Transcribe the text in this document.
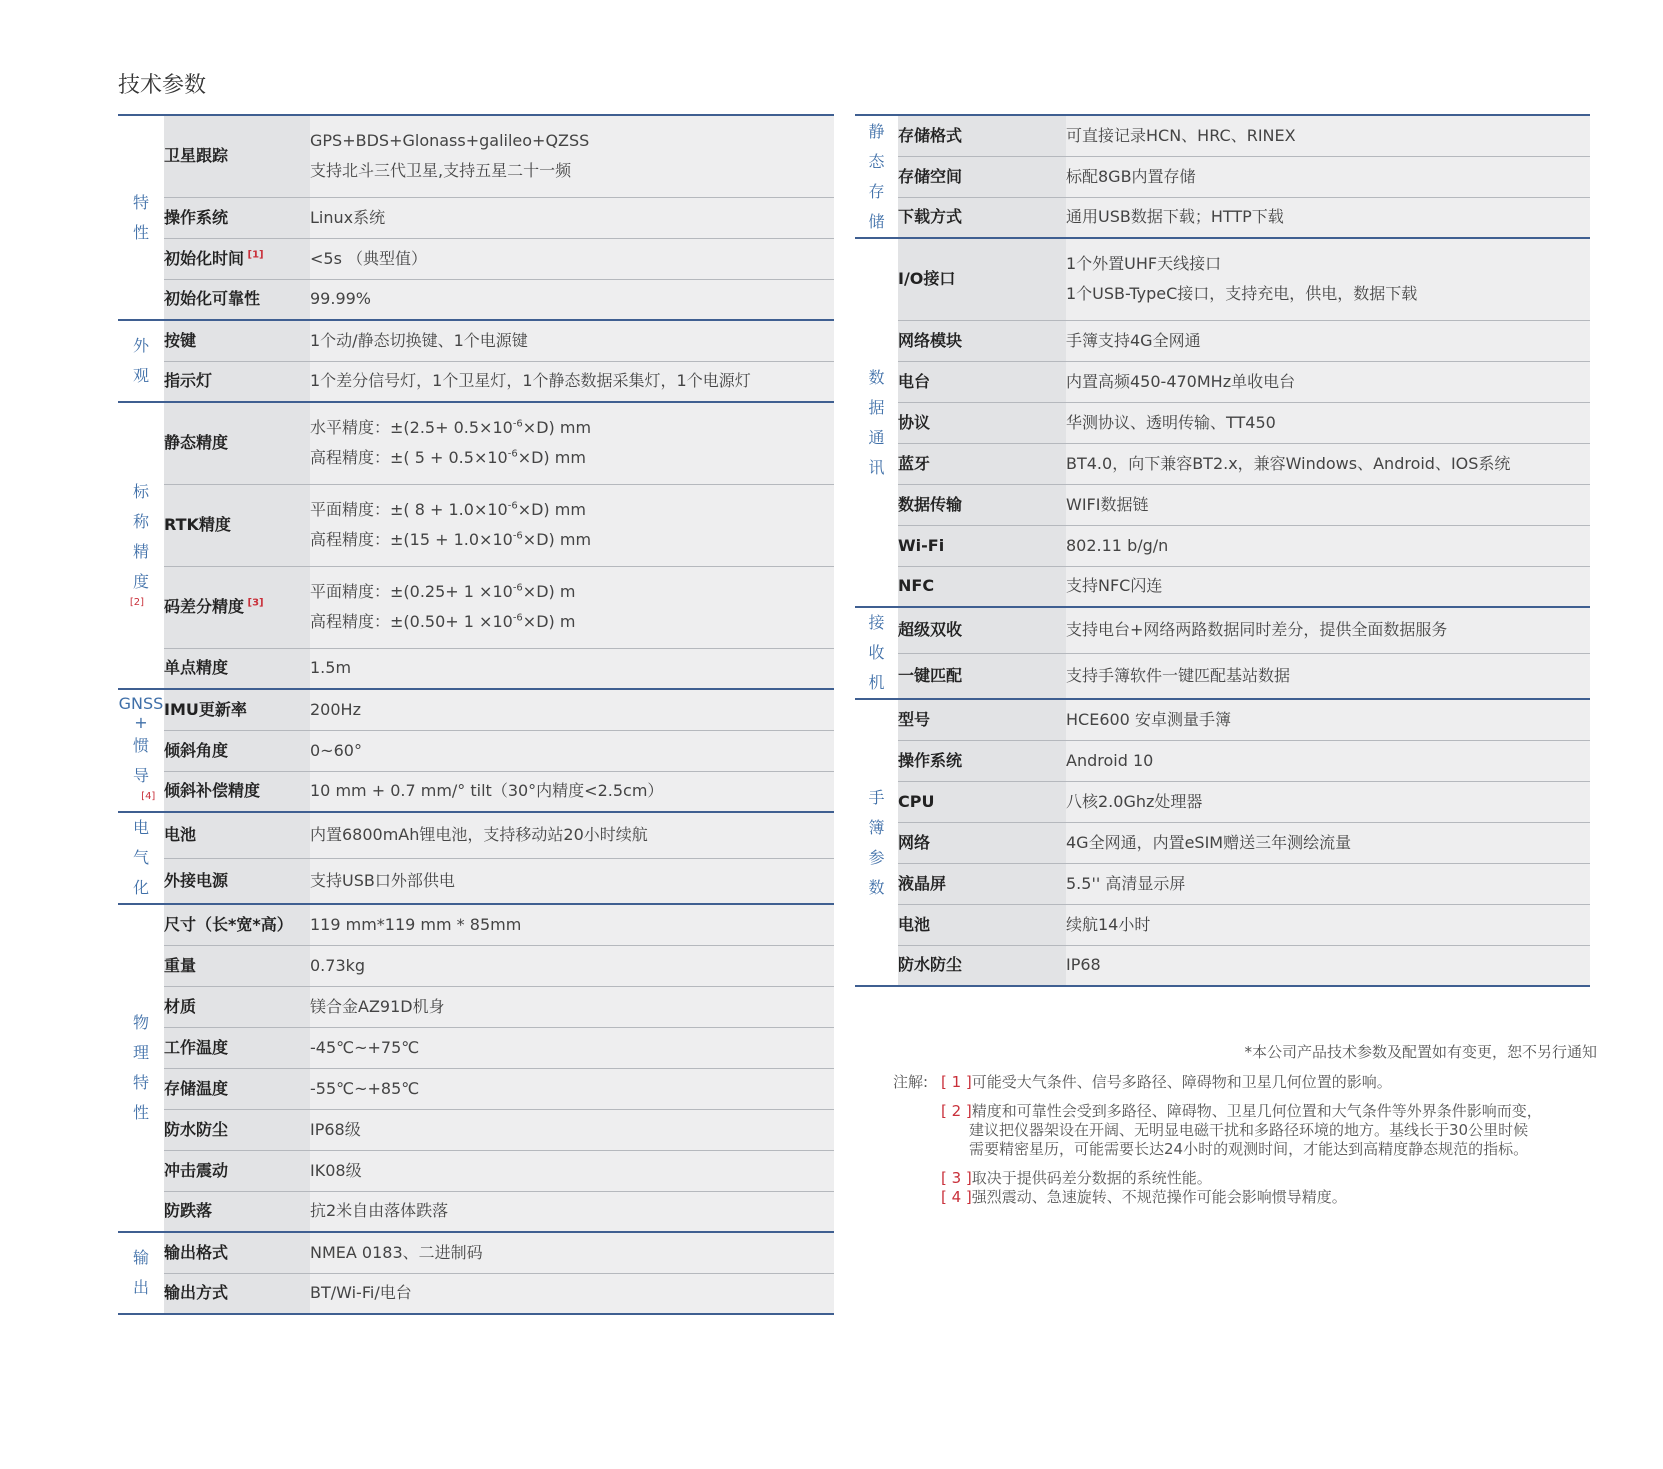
技术参数
特
性	卫星跟踪	GPS+BDS+Glonass+galileo+QZSS
支持北斗三代卫星,支持五星二十一频

	操作系统	Linux系统

	初始化时间 [1]	<5s （典型值）

	初始化可靠性	99.99%

外
观	按键	1个动/静态切换键、1个电源键

	指示灯	1个差分信号灯，1个卫星灯，1个静态数据采集灯，1个电源灯

标
称
精
度
[2]	静态精度	水平精度：$\pm(2.5+ 0.5\times 10^{-6}\times D)$ mm
高程精度：±( $5 + 0.5\times 10^{-6}\times D$) mm

	RTK精度	平面精度：±( $8 + 1.0\times 10^{-6}\times D$) mm
高程精度：$\pm(15 + 1.0\times 10^{-6}\times D)$ mm

	码差分精度 [3]	平面精度：$\pm(0.25+ 1 \times 10^{-6}\times D)$ m
高程精度：$\pm(0.50+ 1 \times 10^{-6}\times D)$ m

	单点精度	1.5m

GNSS
+
惯
导
[4]	IMU更新率	200Hz

	倾斜角度	0~60°

	倾斜补偿精度	10 mm + 0.7 mm/° tilt（30°内精度<2.5cm）

电
气
化	电池	内置6800mAh锂电池，支持移动站20小时续航

	外接电源	支持USB口外部供电

物
理
特
性	尺寸（长*宽*高）	119 mm*119 mm * 85mm

	重量	0.73kg

	材质	镁合金AZ91D机身

	工作温度	-45℃~+75℃

	存储温度	-55℃~+85℃

	防水防尘	IP68级

	冲击震动	IK08级

	防跌落	抗2米自由落体跌落

输
出	输出格式	NMEA 0183、二进制码

	输出方式	BT/Wi-Fi/电台
静
态
存
储	存储格式	可直接记录HCN、HRC、RINEX

	存储空间	标配8GB内置存储

	下载方式	通用USB数据下载；HTTP下载

数
据
通
讯	I/O接口	1个外置UHF天线接口
1个USB-TypeC接口，支持充电，供电，数据下载

	网络模块	手簿支持4G全网通

	电台	内置高频450-470MHz单收电台

	协议	华测协议、透明传输、TT450

	蓝牙	BT4.0，向下兼容BT2.x，兼容Windows、Android、IOS系统

	数据传输	WIFI数据链

	Wi-Fi	802.11 b/g/n

	NFC	支持NFC闪连

接
收
机	超级双收	支持电台+网络两路数据同时差分，提供全面数据服务

	一键匹配	支持手簿软件一键匹配基站数据

手
簿
参
数	型号	HCE600 安卓测量手簿

	操作系统	Android 10

	CPU	八核2.0Ghz处理器

	网络	4G全网通，内置eSIM赠送三年测绘流量

	液晶屏	5.5'' 高清显示屏

	电池	续航14小时

	防水防尘	IP68
*本公司产品技术参数及配置如有变更，恕不另行通知
注解: [ 1 ]可能受大气条件、信号多路径、障碍物和卫星几何位置的影响。
[ 2 ]精度和可靠性会受到多路径、障碍物、卫星几何位置和大气条件等外界条件影响而变，
建议把仪器架设在开阔、无明显电磁干扰和多路径环境的地方。基线长于30公里时候
需要精密星历，可能需要长达24小时的观测时间，才能达到高精度静态规范的指标。
[ 3 ]取决于提供码差分数据的系统性能。
[ 4 ]强烈震动、急速旋转、不规范操作可能会影响惯导精度。
